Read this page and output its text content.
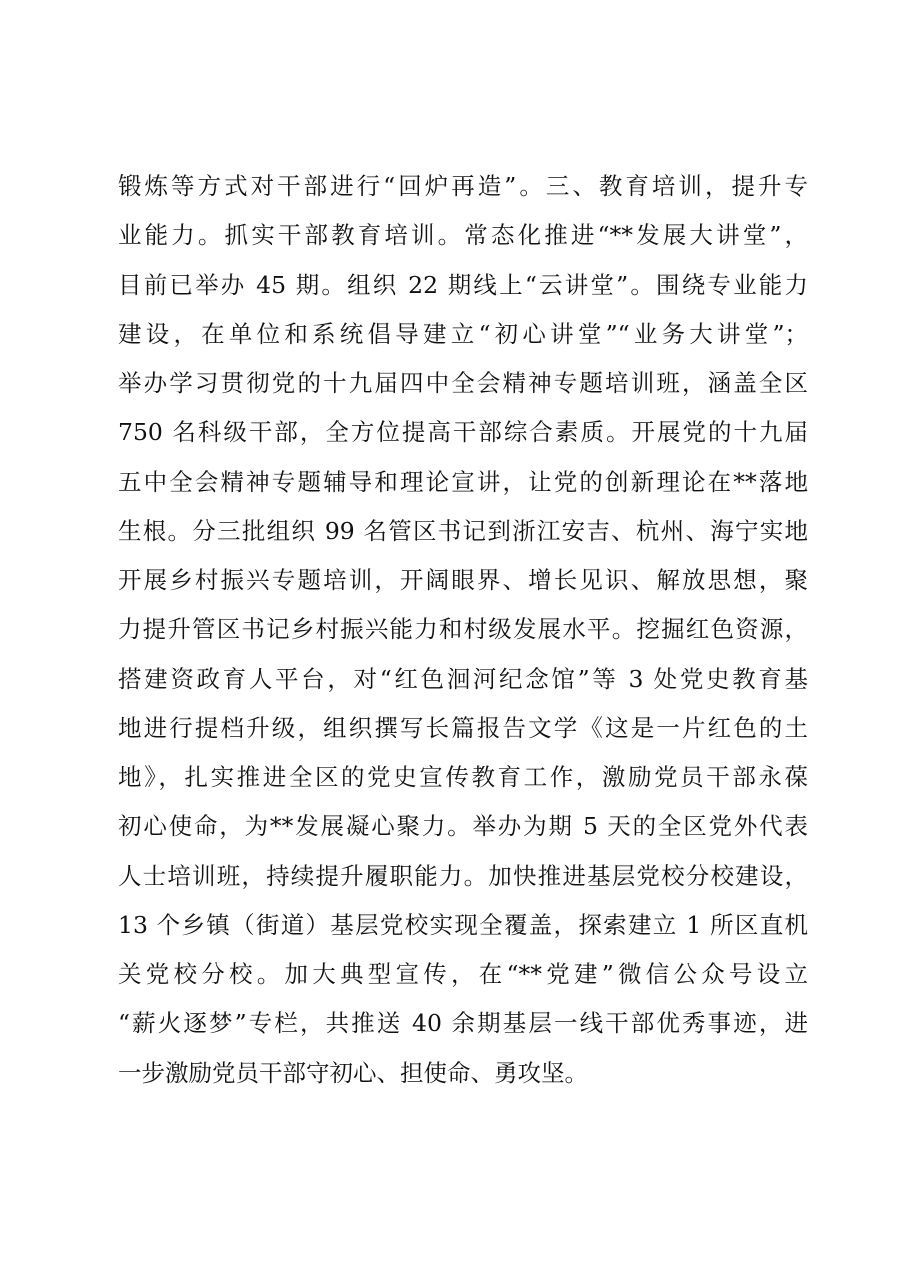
锻炼等方式对干部进行“回炉再造”。三、教育培训，提升专
业能力。抓实干部教育培训。常态化推进“**发展大讲堂”，
目前已举办 45 期。组织 22 期线上“云讲堂”。围绕专业能力
建设，在单位和系统倡导建立“初心讲堂”“业务大讲堂”；
举办学习贯彻党的十九届四中全会精神专题培训班，涵盖全区
750 名科级干部，全方位提高干部综合素质。开展党的十九届
五中全会精神专题辅导和理论宣讲，让党的创新理论在**落地
生根。分三批组织 99 名管区书记到浙江安吉、杭州、海宁实地
开展乡村振兴专题培训，开阔眼界、增长见识、解放思想，聚
力提升管区书记乡村振兴能力和村级发展水平。挖掘红色资源，
搭建资政育人平台，对“红色洄河纪念馆”等 3 处党史教育基
地进行提档升级，组织撰写长篇报告文学《这是一片红色的土
地》，扎实推进全区的党史宣传教育工作，激励党员干部永葆
初心使命，为**发展凝心聚力。举办为期 5 天的全区党外代表
人士培训班，持续提升履职能力。加快推进基层党校分校建设，
13 个乡镇（街道）基层党校实现全覆盖，探索建立 1 所区直机
关党校分校。加大典型宣传，在“**党建”微信公众号设立
“薪火逐梦”专栏，共推送 40 余期基层一线干部优秀事迹，进
一步激励党员干部守初心、担使命、勇攻坚。
